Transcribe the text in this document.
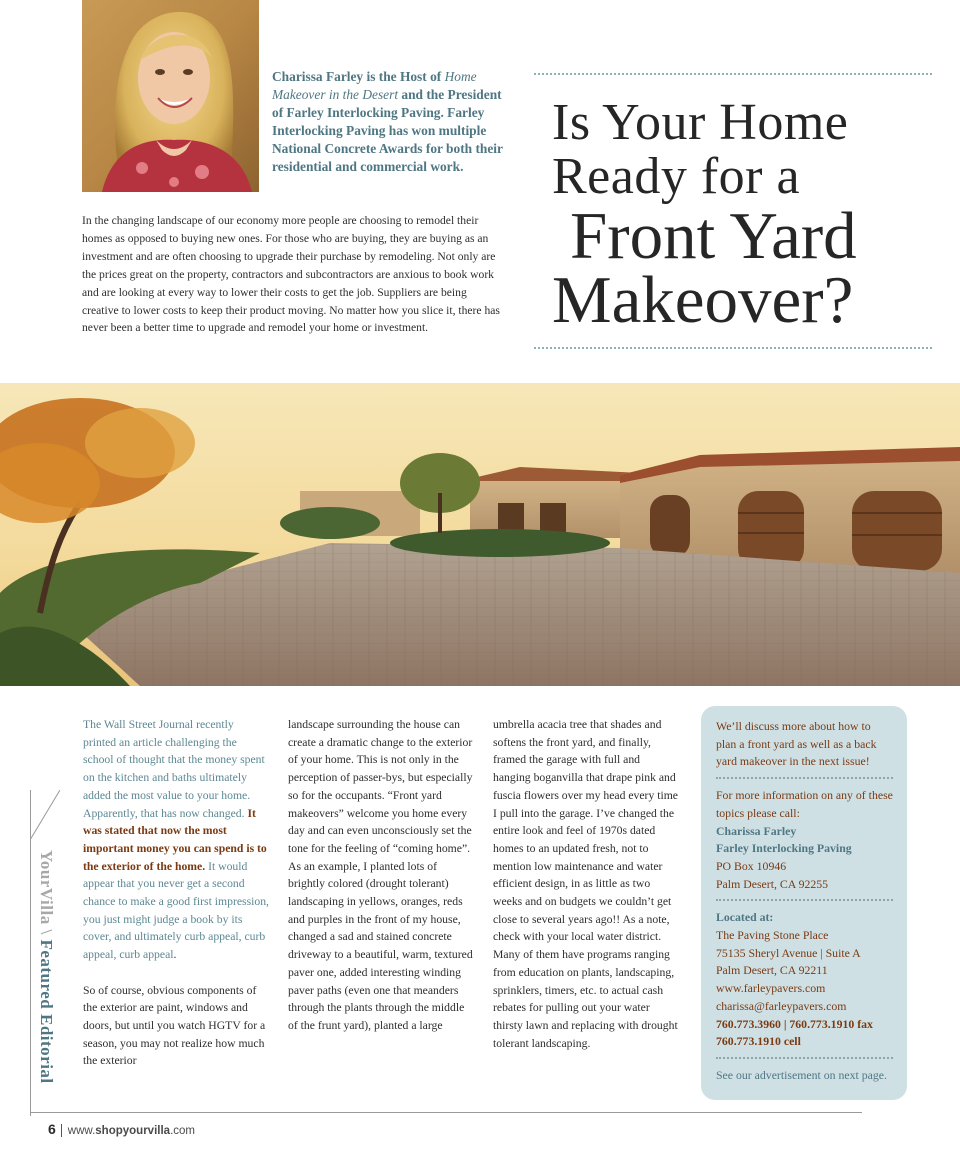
Charissa Farley is the Host of Home Makeover in the Desert and the President of Farley Interlocking Paving. Farley Interlocking Paving has won multiple National Concrete Awards for both their residential and commercial work.

In the changing landscape of our economy more people are choosing to remodel their homes as opposed to buying new ones. For those who are buying, they are buying as an investment and are often choosing to upgrade their purchase by remodeling. Not only are the prices great on the property, contractors and subcontractors are anxious to book work and are looking at every way to lower their costs to get the job. Suppliers are being creative to lower costs to keep their product moving. No matter how you slice it, there has never been a better time to upgrade and remodel your home or investment.

Is Your Home
Ready for a
Front Yard
Makeover?
YourVilla \ Featured Editorial

The Wall Street Journal recently printed an article challenging the school of thought that the money spent on the kitchen and baths ultimately added the most value to your home. Apparently, that has now changed. It was stated that now the most important money you can spend is to the exterior of the home. It would appear that you never get a second chance to make a good first impression, you just might judge a book by its cover, and ultimately curb appeal, curb appeal, curb appeal.

So of course, obvious components of the exterior are paint, windows and doors, but until you watch HGTV for a season, you may not realize how much the exterior

landscape surrounding the house can create a dramatic change to the exterior of your home. This is not only in the perception of passer-bys, but especially so for the occupants. “Front yard makeovers” welcome you home every day and can even unconsciously set the tone for the feeling of “coming home”.

As an example, I planted lots of brightly colored (drought tolerant) landscaping in yellows, oranges, reds and purples in the front of my house, changed a sad and stained concrete driveway to a beautiful, warm, textured paver one, added interesting winding paver paths (even one that meanders through the plants through the middle of the frunt yard), planted a large

umbrella acacia tree that shades and softens the front yard, and finally, framed the garage with full and hanging boganvilla that drape pink and fuscia flowers over my head every time I pull into the garage. I’ve changed the entire look and feel of 1970s dated homes to an updated fresh, not to mention low maintenance and water efficient design, in as little as two weeks and on budgets we couldn’t get close to several years ago!! As a note, check with your local water district. Many of them have programs ranging from education on plants, landscaping, sprinklers, timers, etc. to actual cash rebates for pulling out your water thirsty lawn and replacing with drought tolerant landscaping.

We’ll discuss more about how to plan a front yard as well as a back yard makeover in the next issue!
For more information on any of these topics please call:
Charissa Farley
Farley Interlocking Paving
PO Box 10946
Palm Desert, CA 92255
Located at:
The Paving Stone Place
75135 Sheryl Avenue | Suite A
Palm Desert, CA 92211
www.farleypavers.com
charissa@farleypavers.com
760.773.3960 | 760.773.1910 fax
760.773.1910 cell
See our advertisement on next page.
6 www.shopyourvilla.com
